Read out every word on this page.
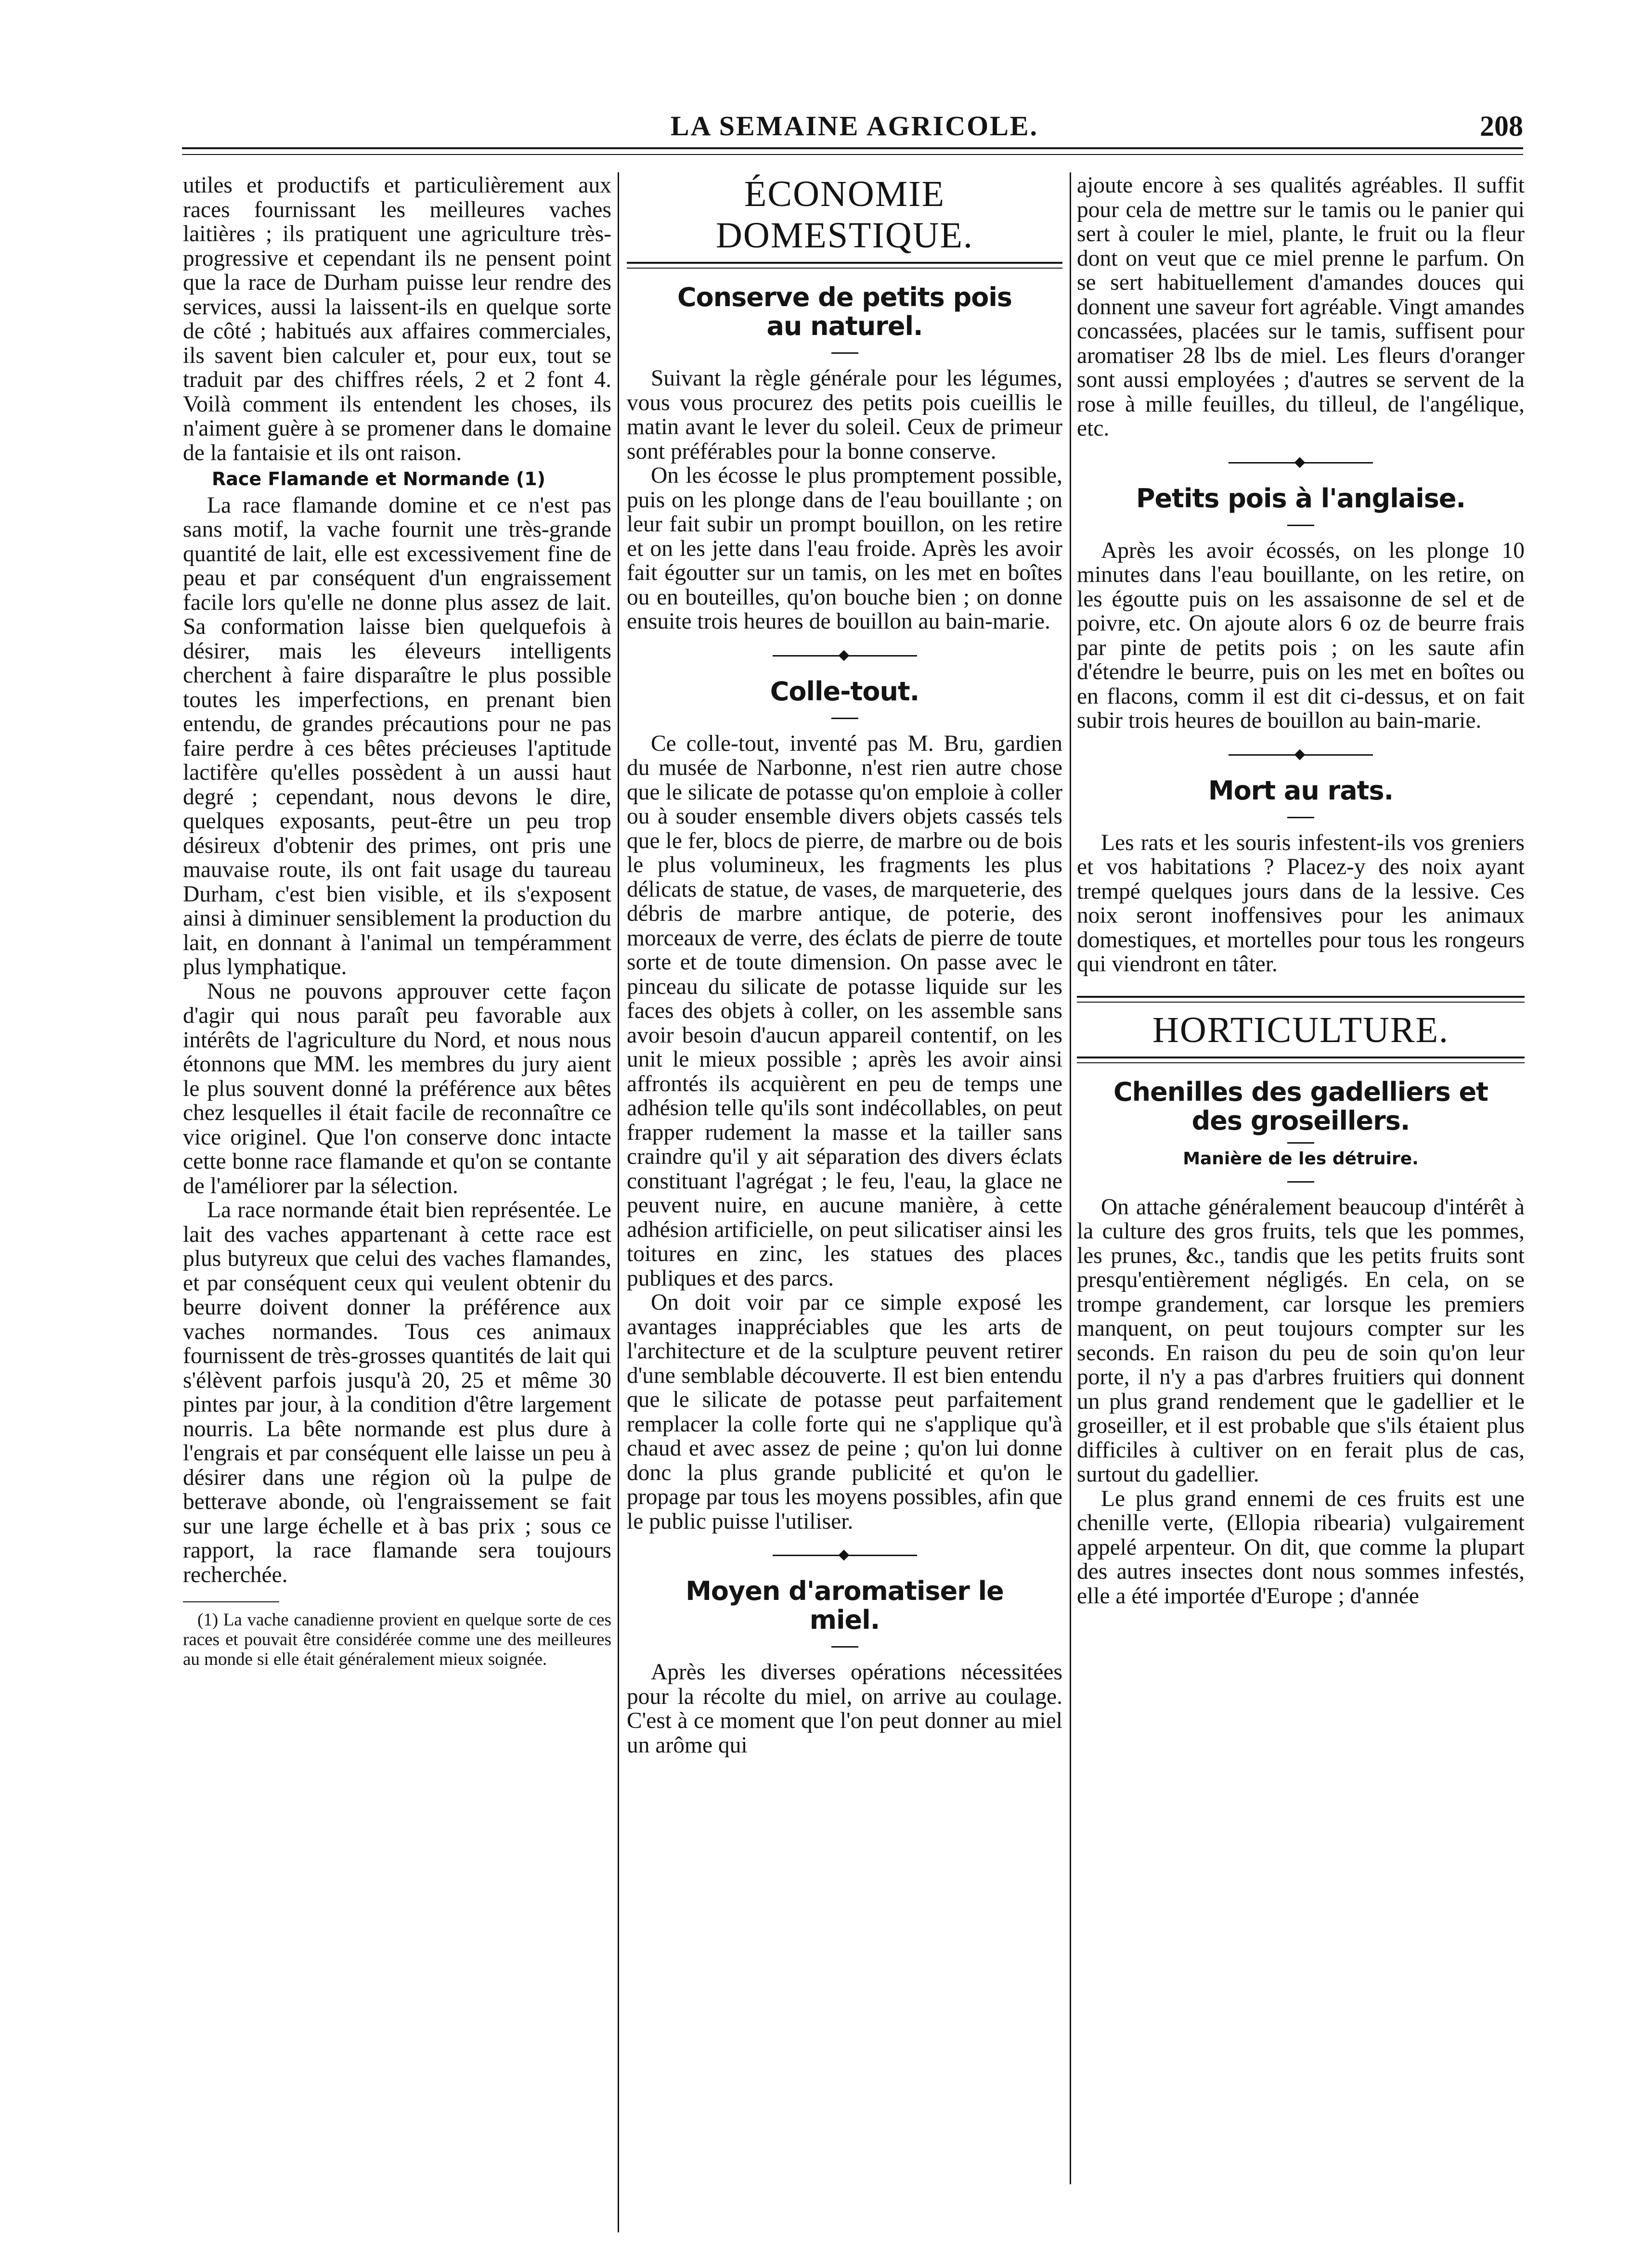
LA SEMAINE AGRICOLE.	208

utiles et productifs et particulièrement aux races fournissant les meilleures vaches laitières ; ils pratiquent une agriculture très-progressive et cependant ils ne pensent point que la race de Durham puisse leur rendre des services, aussi la laissent-ils en quelque sorte de côté ; habitués aux affaires commerciales, ils savent bien calculer et, pour eux, tout se traduit par des chiffres réels, 2 et 2 font 4. Voilà comment ils entendent les choses, ils n'aiment guère à se promener dans le domaine de la fantaisie et ils ont raison.

Race Flamande et Normande (1)

La race flamande domine et ce n'est pas sans motif, la vache fournit une très-grande quantité de lait, elle est excessivement fine de peau et par conséquent d'un engraissement facile lors qu'elle ne donne plus assez de lait. Sa conformation laisse bien quelquefois à désirer, mais les éleveurs intelligents cherchent à faire disparaître le plus possible toutes les imperfections, en prenant bien entendu, de grandes précautions pour ne pas faire perdre à ces bêtes précieuses l'aptitude lactifère qu'elles possèdent à un aussi haut degré ; cependant, nous devons le dire, quelques exposants, peut-être un peu trop désireux d'obtenir des primes, ont pris une mauvaise route, ils ont fait usage du taureau Durham, c'est bien visible, et ils s'exposent ainsi à diminuer sensiblement la production du lait, en donnant à l'animal un tempéramment plus lymphatique.

Nous ne pouvons approuver cette façon d'agir qui nous paraît peu favorable aux intérêts de l'agriculture du Nord, et nous nous étonnons que MM. les membres du jury aient le plus souvent donné la préférence aux bêtes chez lesquelles il était facile de reconnaître ce vice originel. Que l'on conserve donc intacte cette bonne race flamande et qu'on se contante de l'améliorer par la sélection.

La race normande était bien représentée. Le lait des vaches appartenant à cette race est plus butyreux que celui des vaches flamandes, et par conséquent ceux qui veulent obtenir du beurre doivent donner la préférence aux vaches normandes. Tous ces animaux fournissent de très-grosses quantités de lait qui s'élèvent parfois jusqu'à 20, 25 et même 30 pintes par jour, à la condition d'être largement nourris. La bête normande est plus dure à l'engrais et par conséquent elle laisse un peu à désirer dans une région où la pulpe de betterave abonde, où l'engraissement se fait sur une large échelle et à bas prix ; sous ce rapport, la race flamande sera toujours recherchée.

(1) La vache canadienne provient en quelque sorte de ces races et pouvait être considérée comme une des meilleures au monde si elle était généralement mieux soignée.

ÉCONOMIE DOMESTIQUE.
Conserve de petits pois au naturel.

Suivant la règle générale pour les légumes, vous vous procurez des petits pois cueillis le matin avant le lever du soleil. Ceux de primeur sont préférables pour la bonne conserve.

On les écosse le plus promptement possible, puis on les plonge dans de l'eau bouillante ; on leur fait subir un prompt bouillon, on les retire et on les jette dans l'eau froide. Après les avoir fait égoutter sur un tamis, on les met en boîtes ou en bouteilles, qu'on bouche bien ; on donne ensuite trois heures de bouillon au bain-marie.

Colle-tout.

Ce colle-tout, inventé pas M. Bru, gardien du musée de Narbonne, n'est rien autre chose que le silicate de potasse qu'on emploie à coller ou à souder ensemble divers objets cassés tels que le fer, blocs de pierre, de marbre ou de bois le plus volumineux, les fragments les plus délicats de statue, de vases, de marqueterie, des débris de marbre antique, de poterie, des morceaux de verre, des éclats de pierre de toute sorte et de toute dimension. On passe avec le pinceau du silicate de potasse liquide sur les faces des objets à coller, on les assemble sans avoir besoin d'aucun appareil contentif, on les unit le mieux possible ; après les avoir ainsi affrontés ils acquièrent en peu de temps une adhésion telle qu'ils sont indécollables, on peut frapper rudement la masse et la tailler sans craindre qu'il y ait séparation des divers éclats constituant l'agrégat ; le feu, l'eau, la glace ne peuvent nuire, en aucune manière, à cette adhésion artificielle, on peut silicatiser ainsi les toitures en zinc, les statues des places publiques et des parcs.

On doit voir par ce simple exposé les avantages inappréciables que les arts de l'architecture et de la sculpture peuvent retirer d'une semblable découverte. Il est bien entendu que le silicate de potasse peut parfaitement remplacer la colle forte qui ne s'applique qu'à chaud et avec assez de peine ; qu'on lui donne donc la plus grande publicité et qu'on le propage par tous les moyens possibles, afin que le public puisse l'utiliser.

Moyen d'aromatiser le miel.

Après les diverses opérations nécessitées pour la récolte du miel, on arrive au coulage. C'est à ce moment que l'on peut donner au miel un arôme qui

ajoute encore à ses qualités agréables. Il suffit pour cela de mettre sur le tamis ou le panier qui sert à couler le miel, plante, le fruit ou la fleur dont on veut que ce miel prenne le parfum. On se sert habituellement d'amandes douces qui donnent une saveur fort agréable. Vingt amandes concassées, placées sur le tamis, suffisent pour aromatiser 28 lbs de miel. Les fleurs d'oranger sont aussi employées ; d'autres se servent de la rose à mille feuilles, du tilleul, de l'angélique, etc.

Petits pois à l'anglaise.

Après les avoir écossés, on les plonge 10 minutes dans l'eau bouillante, on les retire, on les égoutte puis on les assaisonne de sel et de poivre, etc. On ajoute alors 6 oz de beurre frais par pinte de petits pois ; on les saute afin d'étendre le beurre, puis on les met en boîtes ou en flacons, comm il est dit ci-dessus, et on fait subir trois heures de bouillon au bain-marie.

Mort au rats.

Les rats et les souris infestent-ils vos greniers et vos habitations ? Placez-y des noix ayant trempé quelques jours dans de la lessive. Ces noix seront inoffensives pour les animaux domestiques, et mortelles pour tous les rongeurs qui viendront en tâter.

HORTICULTURE.
Chenilles des gadelliers et des groseillers.
Manière de les détruire.

On attache généralement beaucoup d'intérêt à la culture des gros fruits, tels que les pommes, les prunes, &c., tandis que les petits fruits sont presqu'entièrement négligés. En cela, on se trompe grandement, car lorsque les premiers manquent, on peut toujours compter sur les seconds. En raison du peu de soin qu'on leur porte, il n'y a pas d'arbres fruitiers qui donnent un plus grand rendement que le gadellier et le groseiller, et il est probable que s'ils étaient plus difficiles à cultiver on en ferait plus de cas, surtout du gadellier.

Le plus grand ennemi de ces fruits est une chenille verte, (Ellopia ribearia) vulgairement appelé arpenteur. On dit, que comme la plupart des autres insectes dont nous sommes infestés, elle a été importée d'Europe ; d'année
